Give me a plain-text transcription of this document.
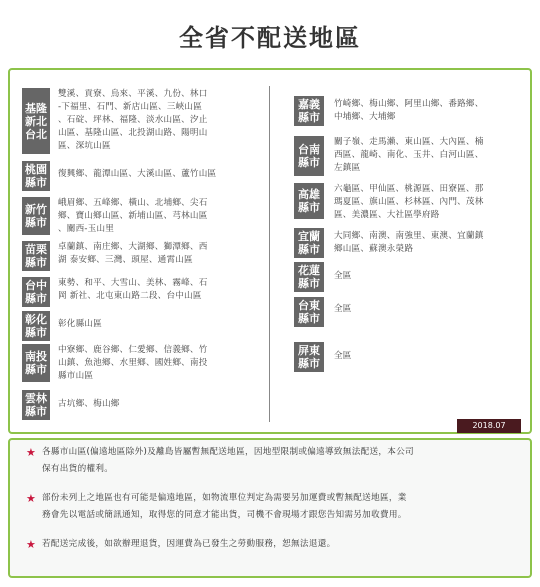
全省不配送地區
基隆
新北
台北
雙溪、貢寮、烏來、平溪、九份、林口
-下福里、石門、新店山區、三峽山區
、石碇、坪林、福隆、淡水山區、汐止
山區、基隆山區、北投湖山路、陽明山
區、深坑山區
桃園
縣市
復興鄉、龍潭山區、大溪山區、蘆竹山區
新竹
縣市
峨眉鄉、五峰鄉、橫山、北埔鄉、尖石
鄉、寶山鄉山區、新埔山區、芎林山區
、關西-玉山里
苗栗
縣市
卓蘭鎮、南庄鄉、大湖鄉、獅潭鄉、西
湖 泰安鄉、三灣、頭屋、通霄山區
台中
縣市
東勢、和平、大雪山、美林、霧峰、石
岡 新社、北屯東山路二段、台中山區
彰化
縣市
彰化縣山區
南投
縣市
中寮鄉、鹿谷鄉、仁愛鄉、信義鄉、竹
山鎮、魚池鄉、水里鄉、國姓鄉、南投
縣市山區
雲林
縣市
古坑鄉、梅山鄉
嘉義
縣市
竹崎鄉、梅山鄉、阿里山鄉、番路鄉、
中埔鄉、大埔鄉
台南
縣市
關子嶺、走馬瀨、東山區、大內區、楠
西區、龍崎、南化、玉井、白河山區、
左鎮區
高雄
縣市
六龜區、甲仙區、桃源區、田寮區、那
瑪夏區、旗山區、杉林區、內門、茂林
區、美濃區、大社區學府路
宜蘭
縣市
大同鄉、南澳、南強里、東澳、宜蘭鎮
鄉山區、蘇澳永榮路
花蓮
縣市
全區
台東
縣市
全區
屏東
縣市
全區
2018.07
★ 各縣市山區(偏遠地區除外)及離島皆屬暫無配送地區，因地型限制或偏遠導致無法配送，本公司
保有出貨的權利。
★ 部份未列上之地區也有可能是偏遠地區，如物流單位判定為需要另加運費或暫無配送地區，業
務會先以電話或簡訊通知，取得您的同意才能出貨，司機不會現場才跟您告知需另加收費用。
★ 若配送完成後，如欲辦理退貨，因運費為已發生之勞動服務，恕無法退還。
